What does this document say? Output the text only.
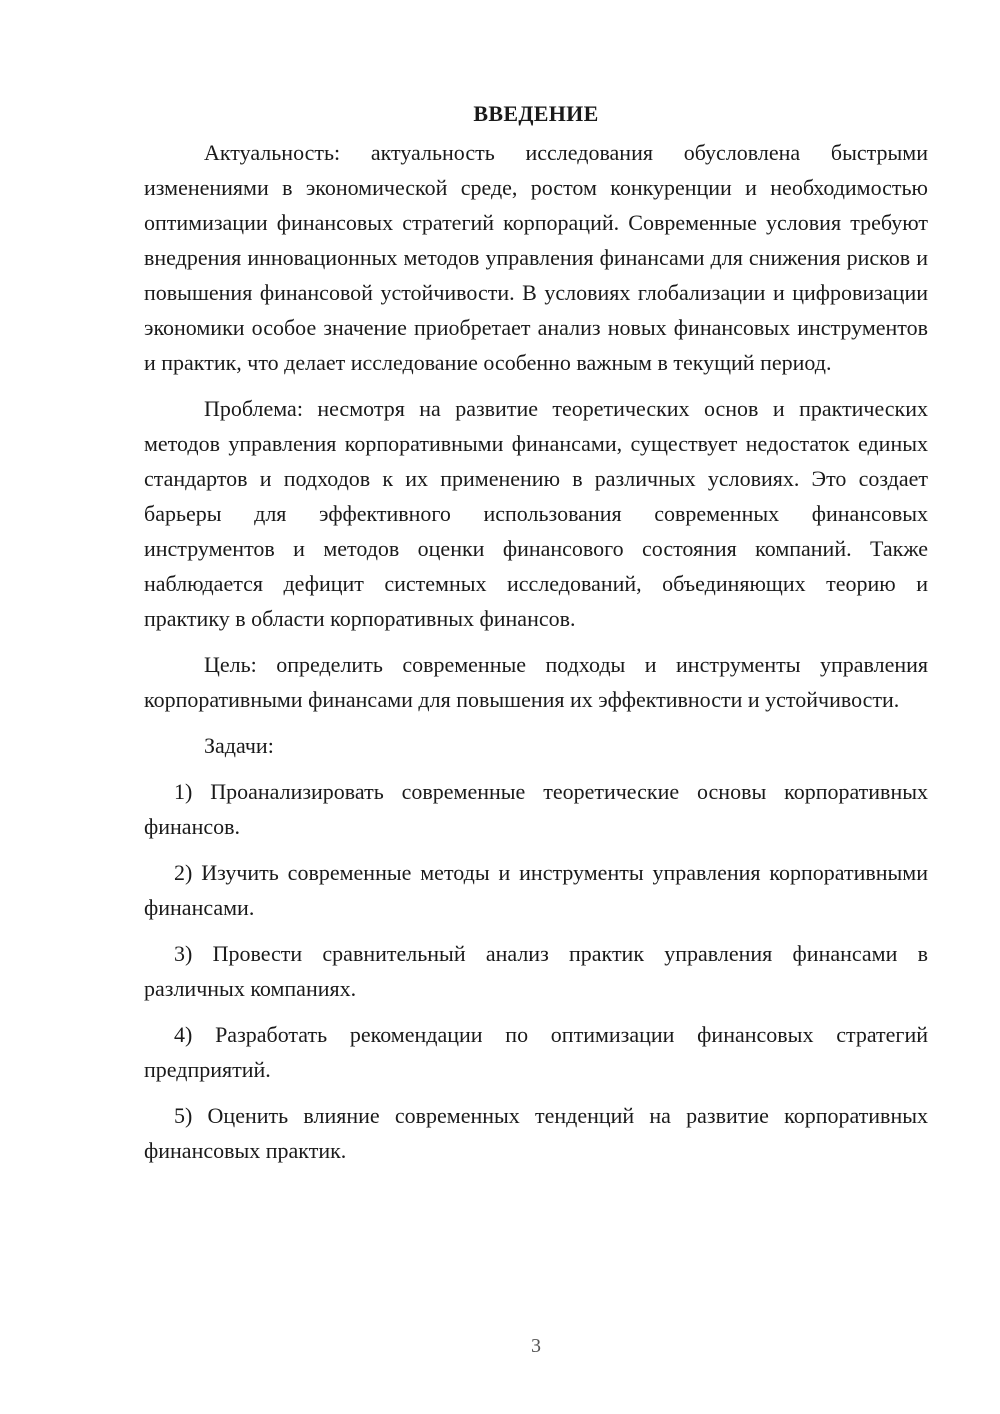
ВВЕДЕНИЕ

Актуальность: актуальность исследования обусловлена быстрыми изменениями в экономической среде, ростом конкуренции и необходимостью оптимизации финансовых стратегий корпораций. Современные условия требуют внедрения инновационных методов управления финансами для снижения рисков и повышения финансовой устойчивости. В условиях глобализации и цифровизации экономики особое значение приобретает анализ новых финансовых инструментов и практик, что делает исследование особенно важным в текущий период.

Проблема: несмотря на развитие теоретических основ и практических методов управления корпоративными финансами, существует недостаток единых стандартов и подходов к их применению в различных условиях. Это создает барьеры для эффективного использования современных финансовых инструментов и методов оценки финансового состояния компаний. Также наблюдается дефицит системных исследований, объединяющих теорию и практику в области корпоративных финансов.

Цель: определить современные подходы и инструменты управления корпоративными финансами для повышения их эффективности и устойчивости.

Задачи:

1) Проанализировать современные теоретические основы корпоративных финансов.

2) Изучить современные методы и инструменты управления корпоративными финансами.

3) Провести сравнительный анализ практик управления финансами в различных компаниях.

4) Разработать рекомендации по оптимизации финансовых стратегий предприятий.

5) Оценить влияние современных тенденций на развитие корпоративных финансовых практик.

3
